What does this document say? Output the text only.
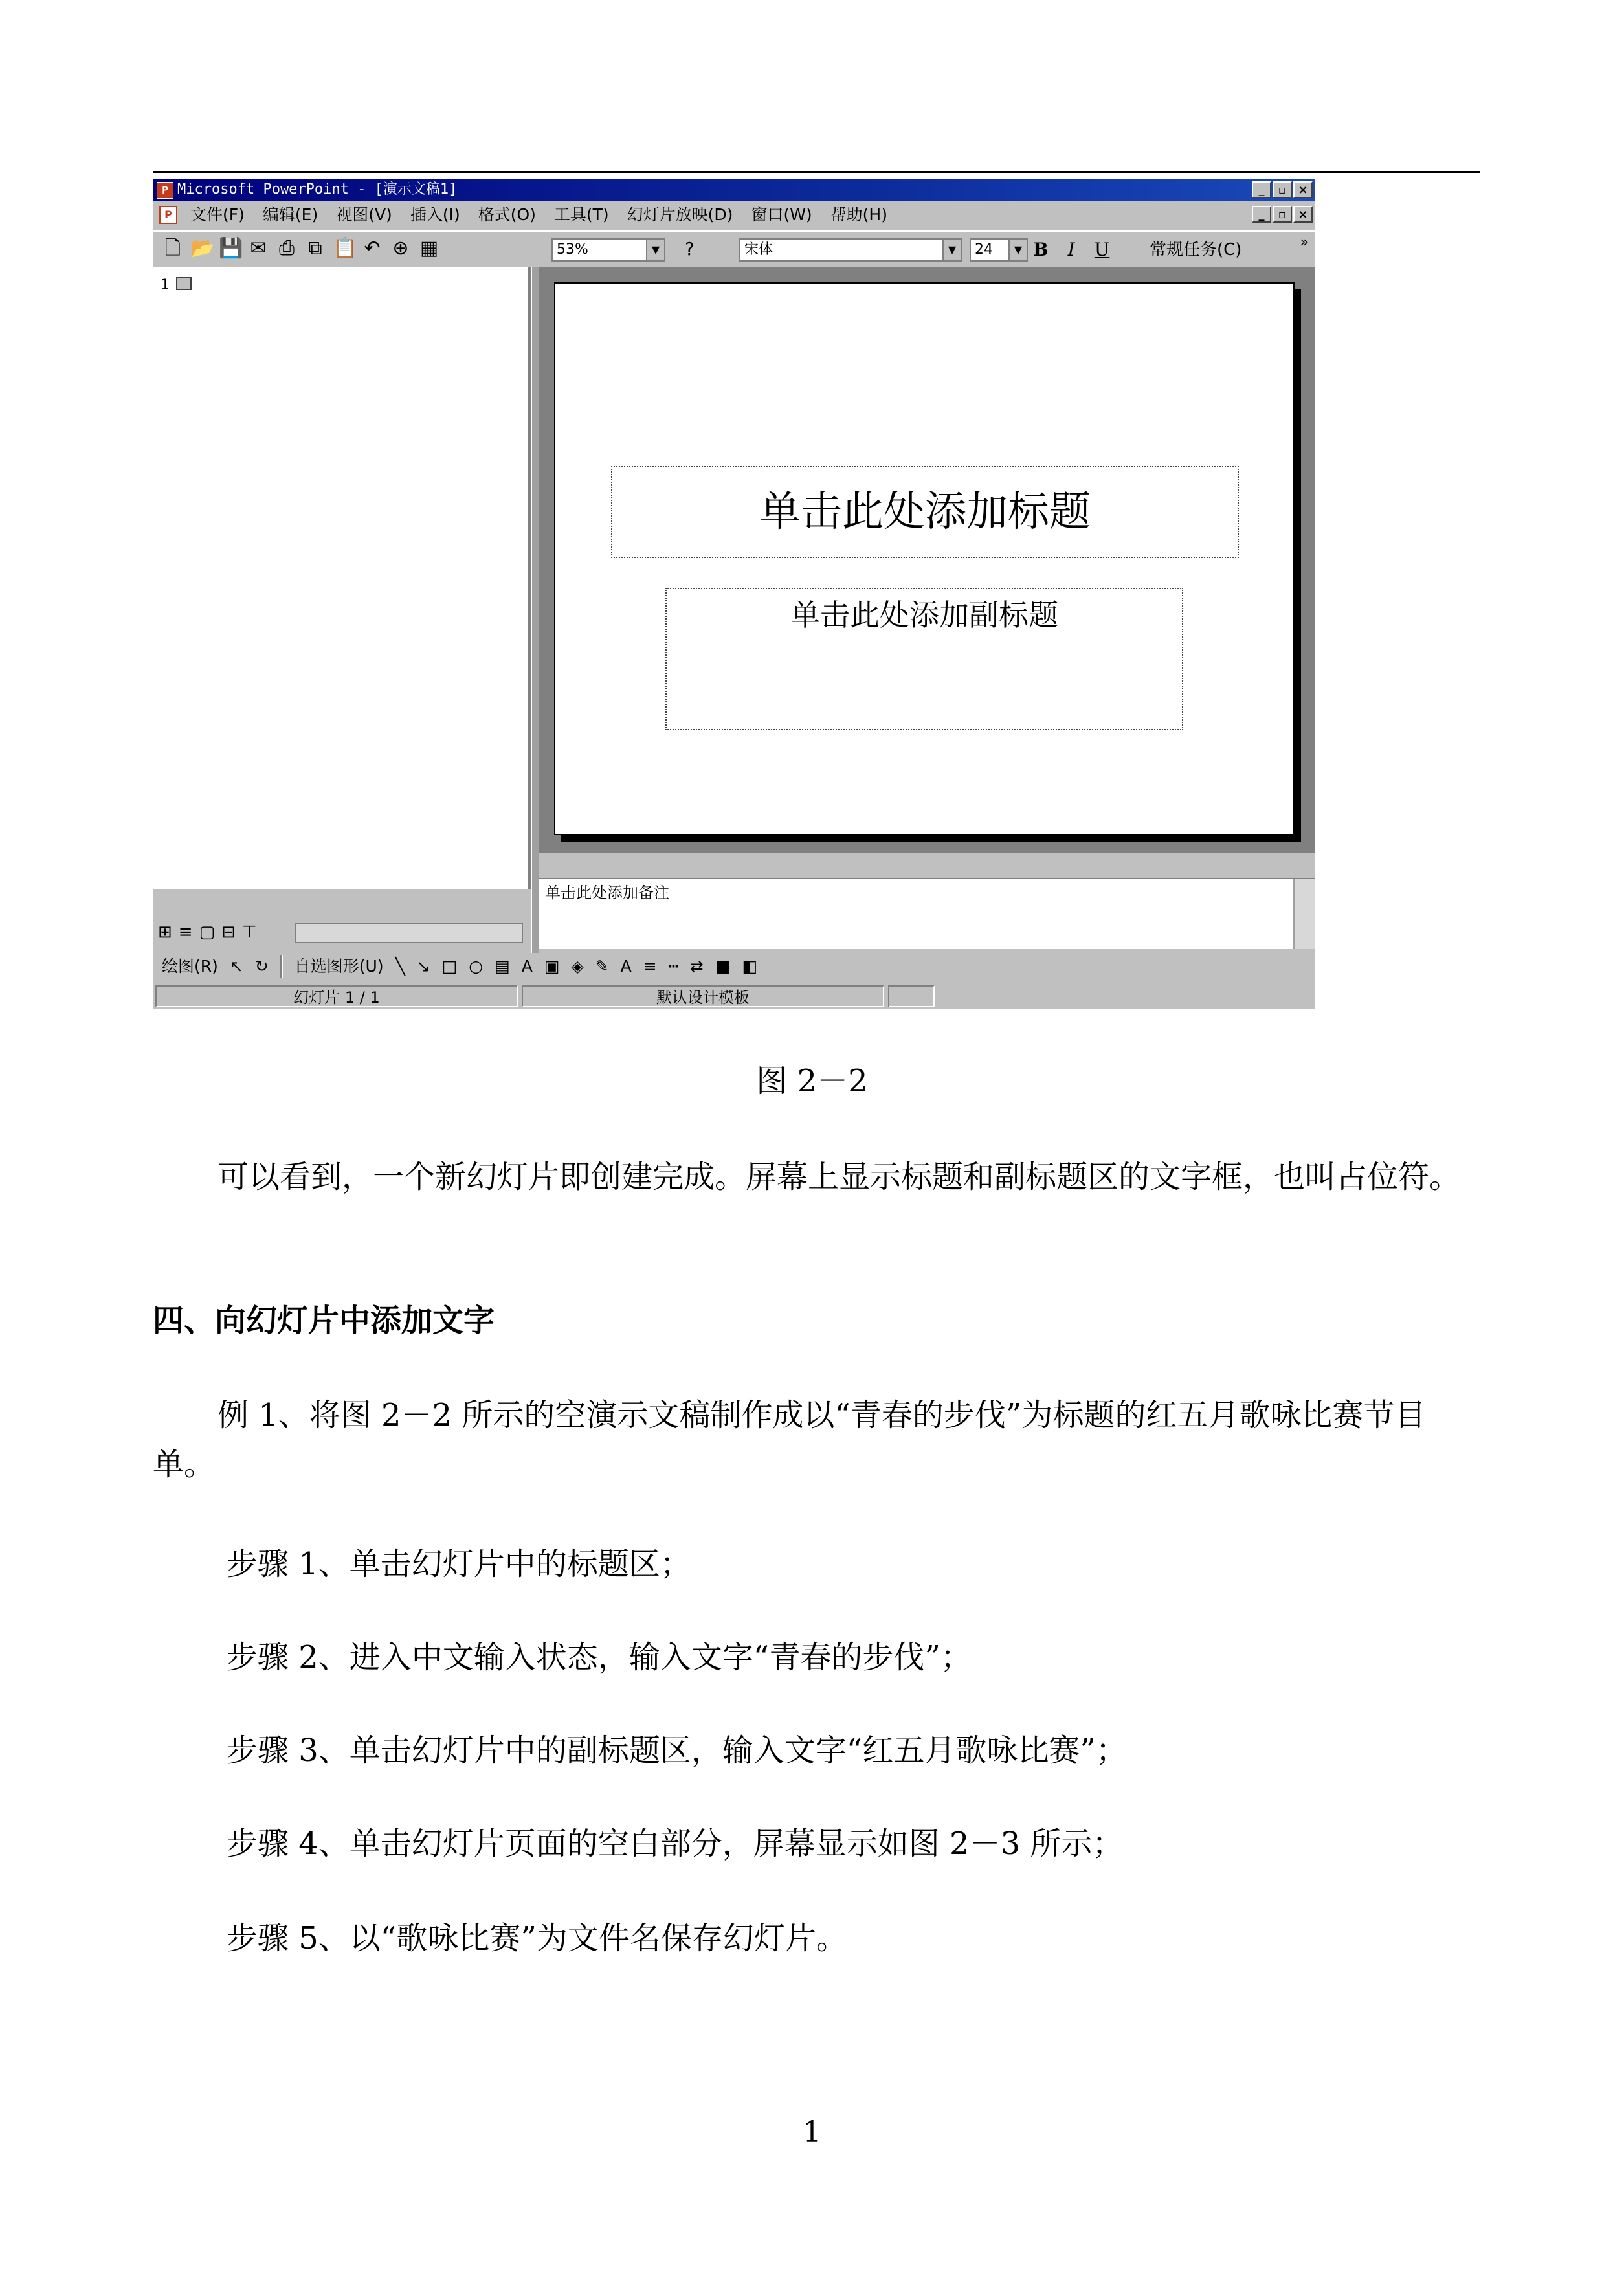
P Microsoft PowerPoint - [演示文稿1]	_	▫	×
P	文件(F) 编辑(E) 视图(V) 插入(I) 格式(O) 工具(T) 幻灯片放映(D) 窗口(W) 帮助(H)	_	▫	×
🗋 📂 💾 ✉ ⎙ ⧉ 📋 ↶ ⊕ ▦	53%	▼ ?	宋体	▼	24	▼ B I U 常规任务(C)	»
1
单击此处添加标题
单击此处添加副标题
单击此处添加备注
⊞ ≡ ▢ ⊟ ⊤
绘图(R) ↖ ↻ 自选图形(U) ╲ ↘ □ ○ ▤ A ▣ ◈ ✎ A ≡ ┅ ⇄ ■ ◧
幻灯片 1 / 1	默认设计模板
图 2－2
可以看到，一个新幻灯片即创建完成。屏幕上显示标题和副标题区的文字框，也叫占位符。
四、向幻灯片中添加文字
例 1、将图 2－2 所示的空演示文稿制作成以“青春的步伐”为标题的红五月歌咏比赛节目单。
步骤 1、单击幻灯片中的标题区；
步骤 2、进入中文输入状态，输入文字“青春的步伐”；
步骤 3、单击幻灯片中的副标题区，输入文字“红五月歌咏比赛”；
步骤 4、单击幻灯片页面的空白部分，屏幕显示如图 2－3 所示；
步骤 5、以“歌咏比赛”为文件名保存幻灯片。
1
